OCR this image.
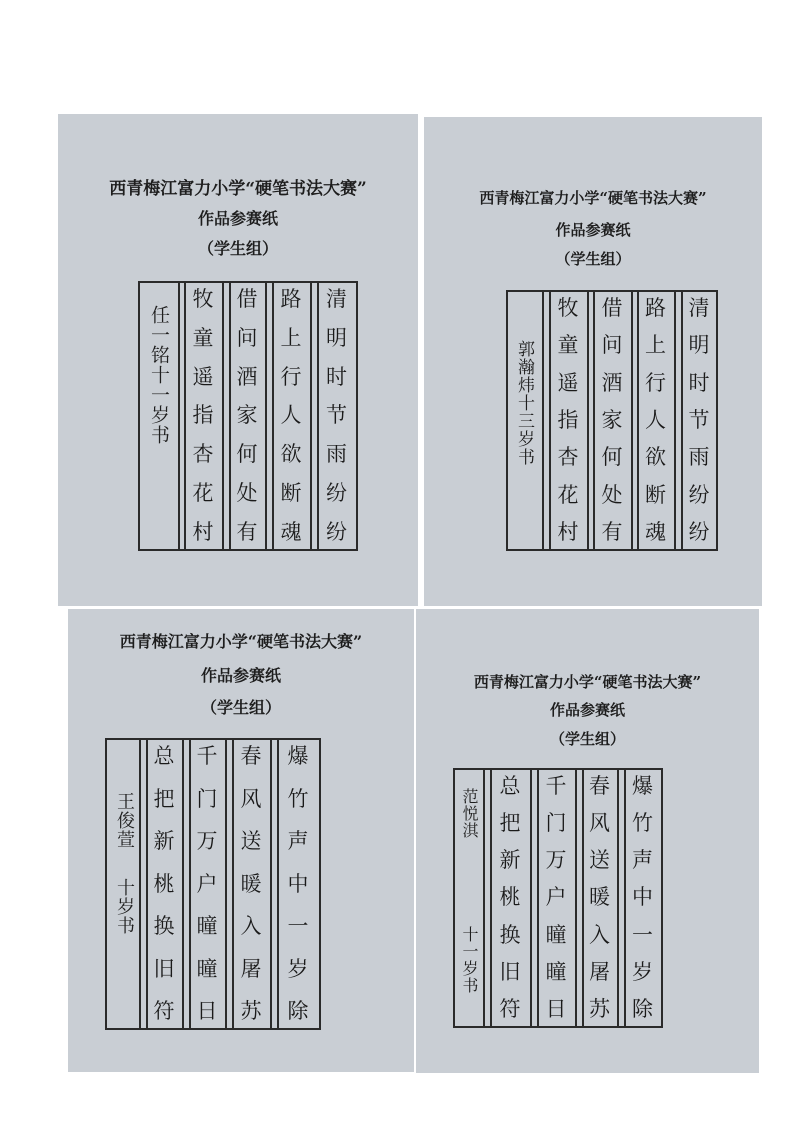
西青梅江富力小学“硬笔书法大赛”
作品参赛纸
（学生组）
任一铭十一岁书
牧
童
遥
指
杏
花
村
借
问
酒
家
何
处
有
路
上
行
人
欲
断
魂
清
明
时
节
雨
纷
纷
西青梅江富力小学“硬笔书法大赛”
作品参赛纸
（学生组）
郭瀚炜十三岁书
牧
童
遥
指
杏
花
村
借
问
酒
家
何
处
有
路
上
行
人
欲
断
魂
清
明
时
节
雨
纷
纷
西青梅江富力小学“硬笔书法大赛”
作品参赛纸
（学生组）
王俊萱
十岁书
总
把
新
桃
换
旧
符
千
门
万
户
曈
曈
日
春
风
送
暖
入
屠
苏
爆
竹
声
中
一
岁
除
西青梅江富力小学“硬笔书法大赛”
作品参赛纸
（学生组）
范悦淇
十一岁书
总
把
新
桃
换
旧
符
千
门
万
户
曈
曈
日
春
风
送
暖
入
屠
苏
爆
竹
声
中
一
岁
除
